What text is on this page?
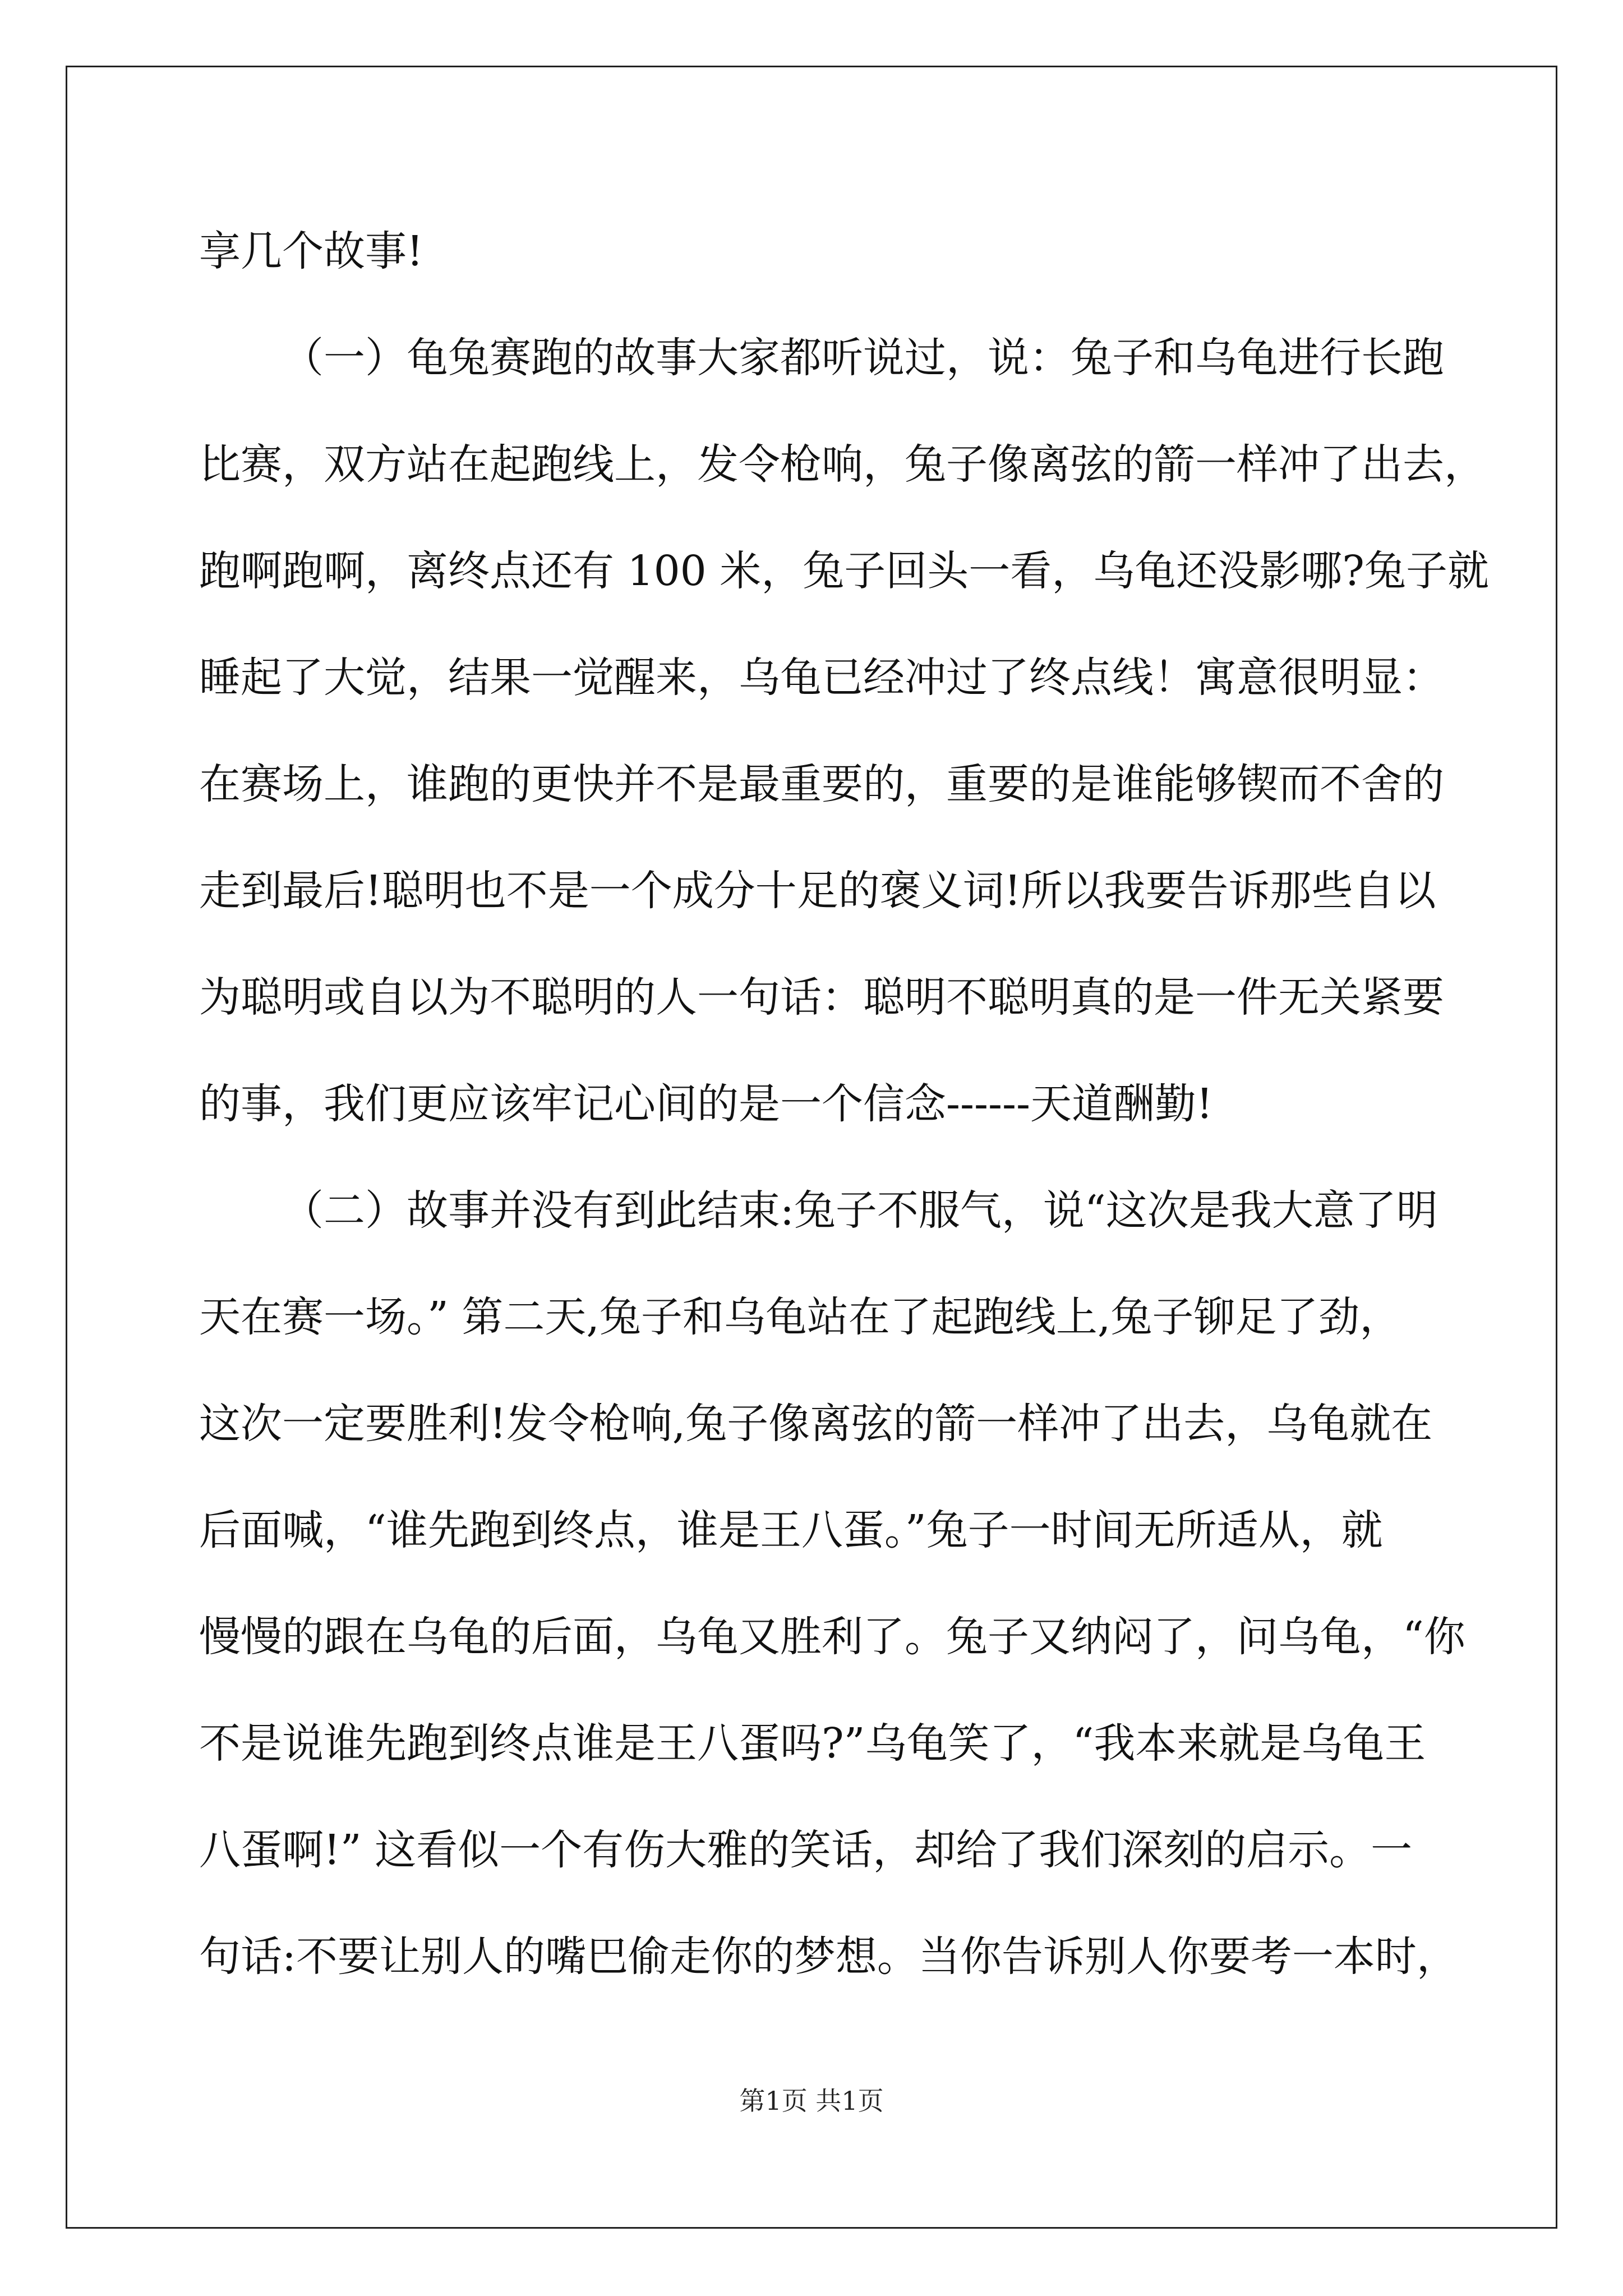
享几个故事!
（一）龟兔赛跑的故事大家都听说过，说：兔子和乌龟进行长跑
比赛，双方站在起跑线上，发令枪响，兔子像离弦的箭一样冲了出去，
跑啊跑啊，离终点还有 100 米，兔子回头一看，乌龟还没影哪?兔子就
睡起了大觉，结果一觉醒来，乌龟已经冲过了终点线！寓意很明显：
在赛场上，谁跑的更快并不是最重要的，重要的是谁能够锲而不舍的
走到最后!聪明也不是一个成分十足的褒义词!所以我要告诉那些自以
为聪明或自以为不聪明的人一句话：聪明不聪明真的是一件无关紧要
的事，我们更应该牢记心间的是一个信念------天道酬勤!
（二）故事并没有到此结束:兔子不服气，说“这次是我大意了明
天在赛一场。” 第二天,兔子和乌龟站在了起跑线上,兔子铆足了劲，
这次一定要胜利!发令枪响,兔子像离弦的箭一样冲了出去，乌龟就在
后面喊，“谁先跑到终点，谁是王八蛋。”兔子一时间无所适从，就
慢慢的跟在乌龟的后面，乌龟又胜利了。兔子又纳闷了，问乌龟，“你
不是说谁先跑到终点谁是王八蛋吗?”乌龟笑了，“我本来就是乌龟王
八蛋啊!” 这看似一个有伤大雅的笑话，却给了我们深刻的启示。一
句话:不要让别人的嘴巴偷走你的梦想。当你告诉别人你要考一本时，
第1页 共1页
